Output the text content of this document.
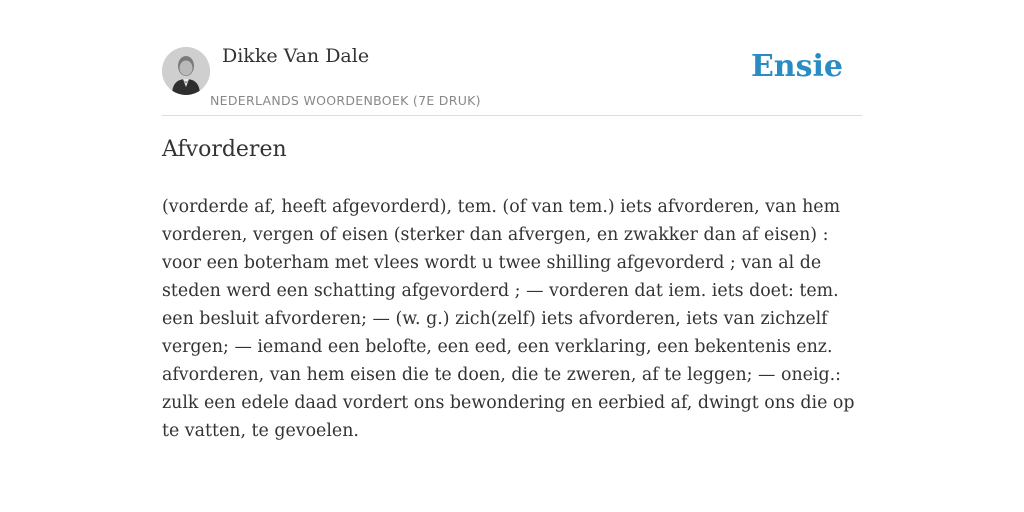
Dikke Van Dale
NEDERLANDS WOORDENBOEK (7E DRUK)
Ensie
Afvorderen

(vorderde af, heeft afgevorderd), tem. (of van tem.) iets afvorderen, van hem vorderen, vergen of eisen (sterker dan afvergen, en zwakker dan af eisen) : voor een boterham met vlees wordt u twee shilling afgevorderd ; van al de steden werd een schatting afgevorderd ; — vorderen dat iem. iets doet: tem. een besluit afvorderen; — (w. g.) zich(zelf) iets afvorderen, iets van zichzelf vergen; — iemand een belofte, een eed, een verklaring, een bekentenis enz. afvorderen, van hem eisen die te doen, die te zweren, af te leggen; — oneig.: zulk een edele daad vordert ons bewondering en eerbied af, dwingt ons die op te vatten, te gevoelen.
